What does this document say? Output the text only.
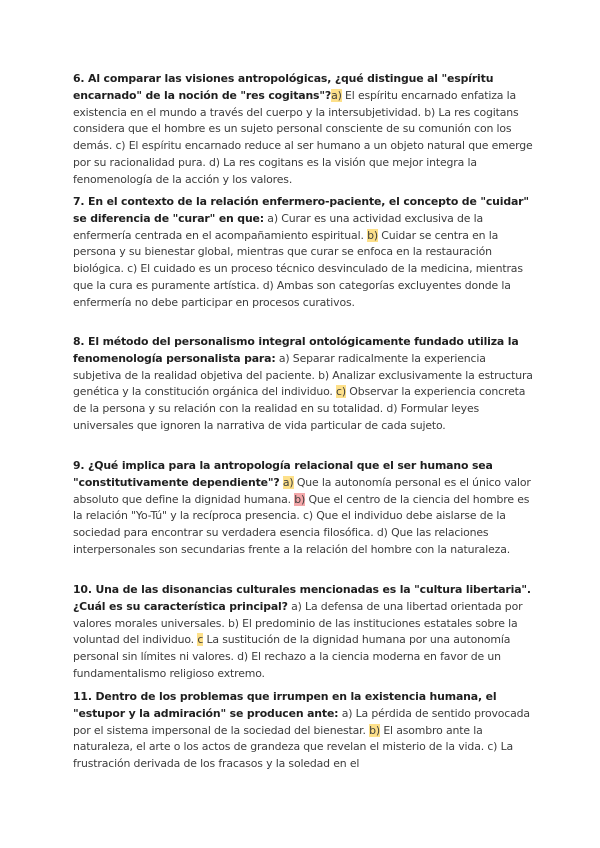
6. Al comparar las visiones antropológicas, ¿qué distingue al "espíritu encarnado" de la noción de "res cogitans"?a) El espíritu encarnado enfatiza la existencia en el mundo a través del cuerpo y la intersubjetividad. b) La res cogitans considera que el hombre es un sujeto personal consciente de su comunión con los demás. c) El espíritu encarnado reduce al ser humano a un objeto natural que emerge por su racionalidad pura. d) La res cogitans es la visión que mejor integra la fenomenología de la acción y los valores.
7. En el contexto de la relación enfermero-paciente, el concepto de "cuidar" se diferencia de "curar" en que: a) Curar es una actividad exclusiva de la enfermería centrada en el acompañamiento espiritual. b) Cuidar se centra en la persona y su bienestar global, mientras que curar se enfoca en la restauración biológica. c) El cuidado es un proceso técnico desvinculado de la medicina, mientras que la cura es puramente artística. d) Ambas son categorías excluyentes donde la enfermería no debe participar en procesos curativos.
8. El método del personalismo integral ontológicamente fundado utiliza la fenomenología personalista para: a) Separar radicalmente la experiencia subjetiva de la realidad objetiva del paciente. b) Analizar exclusivamente la estructura genética y la constitución orgánica del individuo. c) Observar la experiencia concreta de la persona y su relación con la realidad en su totalidad. d) Formular leyes universales que ignoren la narrativa de vida particular de cada sujeto.
9. ¿Qué implica para la antropología relacional que el ser humano sea "constitutivamente dependiente"? a) Que la autonomía personal es el único valor absoluto que define la dignidad humana. b) Que el centro de la ciencia del hombre es la relación "Yo-Tú" y la recíproca presencia. c) Que el individuo debe aislarse de la sociedad para encontrar su verdadera esencia filosófica. d) Que las relaciones interpersonales son secundarias frente a la relación del hombre con la naturaleza.
10. Una de las disonancias culturales mencionadas es la "cultura libertaria". ¿Cuál es su característica principal? a) La defensa de una libertad orientada por valores morales universales. b) El predominio de las instituciones estatales sobre la voluntad del individuo. c La sustitución de la dignidad humana por una autonomía personal sin límites ni valores. d) El rechazo a la ciencia moderna en favor de un fundamentalismo religioso extremo.
11. Dentro de los problemas que irrumpen en la existencia humana, el "estupor y la admiración" se producen ante: a) La pérdida de sentido provocada por el sistema impersonal de la sociedad del bienestar. b) El asombro ante la naturaleza, el arte o los actos de grandeza que revelan el misterio de la vida. c) La frustración derivada de los fracasos y la soledad en el
